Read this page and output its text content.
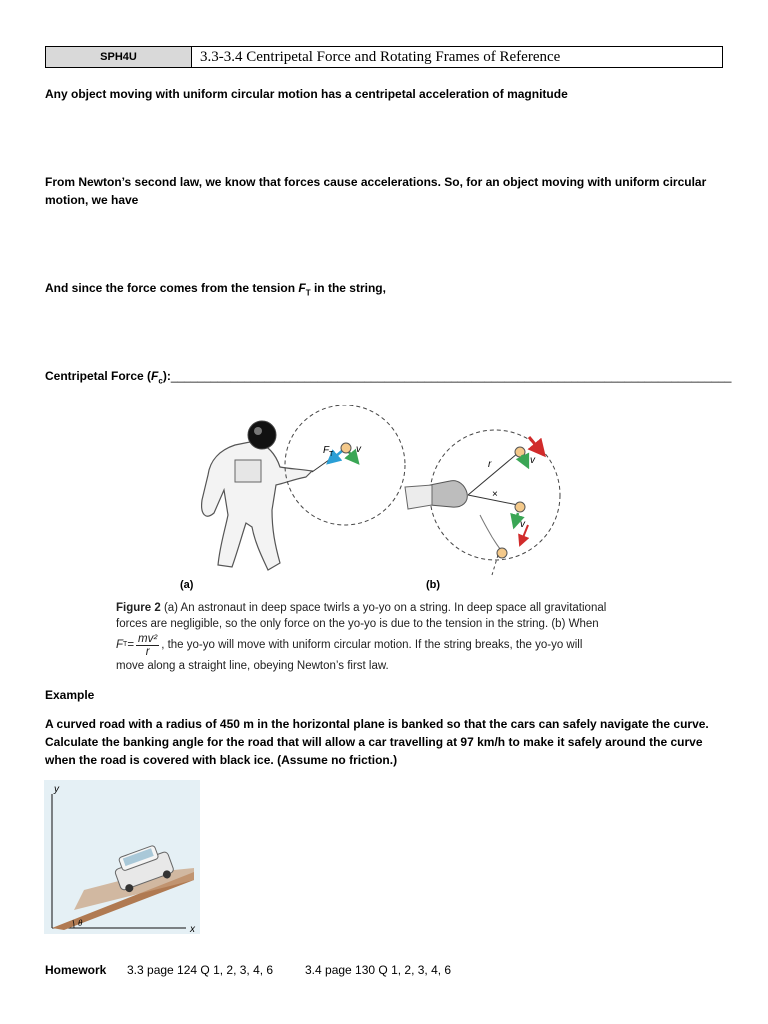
SPH4U	3.3-3.4 Centripetal Force and Rotating Frames of Reference
Any object moving with uniform circular motion has a centripetal acceleration of magnitude
From Newton’s second law, we know that forces cause accelerations. So, for an object moving with uniform circular
motion, we have
And since the force comes from the tension $F_T$ in the string,
Centripetal Force $(F_c):\_\_\_\_\_\_\_\_\_\_\_\_\_\_\_\_\_\_\_\_\_\_\_\_\_\_\_\_\_\_\_\_\_\_\_\_\_\_\_\_\_\_\_\_\_\_\_\_\_\_\_\_\_\_\_\_\_\_\_\_\_\_\_\_\_\_\_\_\_\_\_\_\_\_\_\_\_\_\_\_\_\_\_\_$
F T v
×
r	v
v
(a)	(b)
Figure 2 (a) An astronaut in deep space twirls a yo-yo on a string. In deep space all gravitational
forces are negligible, so the only force on the yo-yo is due to the tension in the string. (b) When
F $T = \frac{\text{mv²}}{r}$ , the yo-yo will move with uniform circular motion. If the string breaks, the yo-yo will
move along a straight line, obeying Newton’s first law.
Example
A curved road with a radius of 450 m in the horizontal plane is banked so that the cars can safely navigate the curve.
Calculate the banking angle for the road that will allow a car travelling at 97 km/h to make it safely around the curve
when the road is covered with black ice. (Assume no friction.)
θ
y
x
Homework 3.3 page 124 Q 1, 2, 3, 4, 6	3.4 page 130 Q 1, 2, 3, 4, 6
